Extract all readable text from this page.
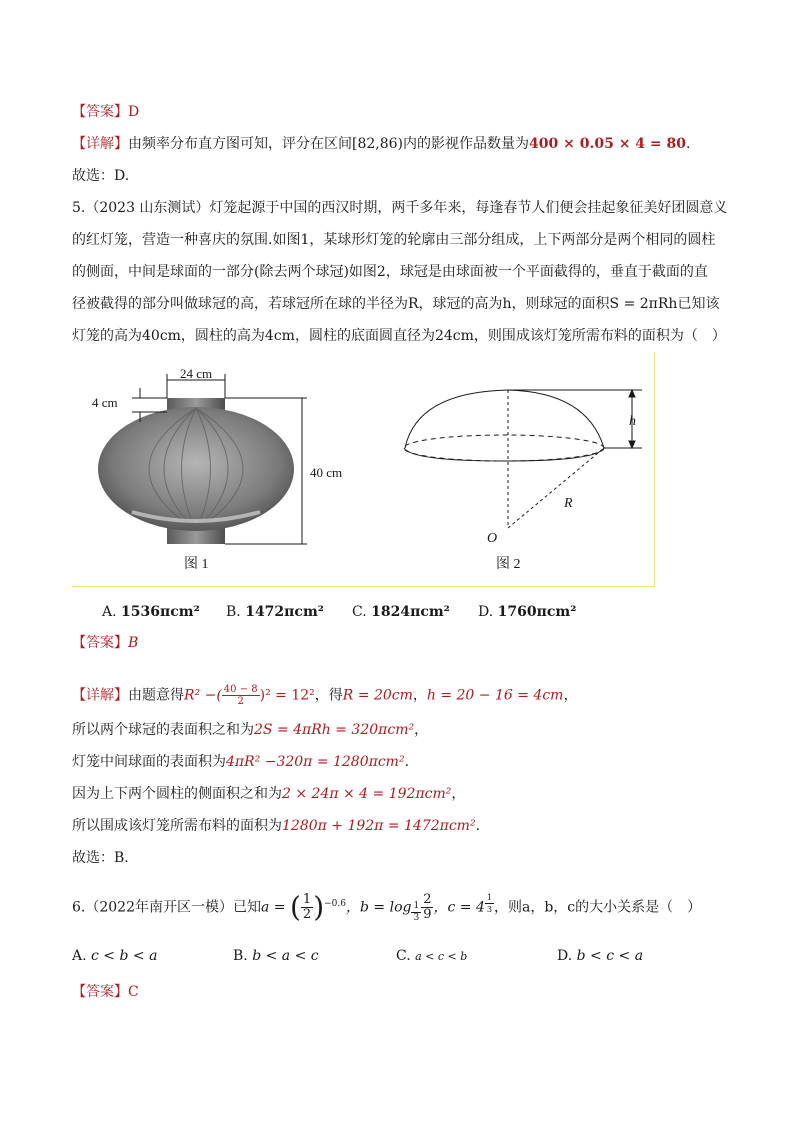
【答案】D
【详解】由频率分布直方图可知，评分在区间[82,86)内的影视作品数量为400 × 0.05 × 4 = 80.
故选：D.
5.（2023 山东测试）灯笼起源于中国的西汉时期，两千多年来，每逢春节人们便会挂起象征美好团圆意义
的红灯笼，营造一种喜庆的氛围.如图1，某球形灯笼的轮廓由三部分组成，上下两部分是两个相同的圆柱
的侧面，中间是球面的一部分(除去两个球冠)如图2，球冠是由球面被一个平面截得的，垂直于截面的直
径被截得的部分叫做球冠的高，若球冠所在球的半径为R，球冠的高为h，则球冠的面积S = 2πRh已知该
灯笼的高为40cm，圆柱的高为4cm，圆柱的底面圆直径为24cm，则围成该灯笼所需布料的面积为（　）
24 cm
4 cm
40 cm
图 1
h
R
O
图 2
A. 1536πcm² B. 1472πcm² C. 1824πcm² D. 1760πcm²
【答案】B
【详解】由题意得R² −( $\frac{40 - 8}{2} )^2 = 12^2$，得R = 20cm，h = 20 − 16 = 4cm，
所以两个球冠的表面积之和为2S = 4πRh = 320πcm²，
灯笼中间球面的表面积为4πR² −320π = 1280πcm².
因为上下两个圆柱的侧面积之和为2 × 24π × 4 = 192πcm²，
所以围成该灯笼所需布料的面积为1280π + 192π = 1472πcm².
故选：B.
6.（2022年南开区一模）已知a = ( $\frac{1}{2})^{-0.6}$，$b = \log _{\frac{1}{3}} \frac{2}{9}$，c = 4 $^{\frac{1}{3}}$ ，则a，b，c的大小关系是（　）
A. c < b < a	B. b < a < c	C. a < c < b	D. b < c < a
【答案】C
